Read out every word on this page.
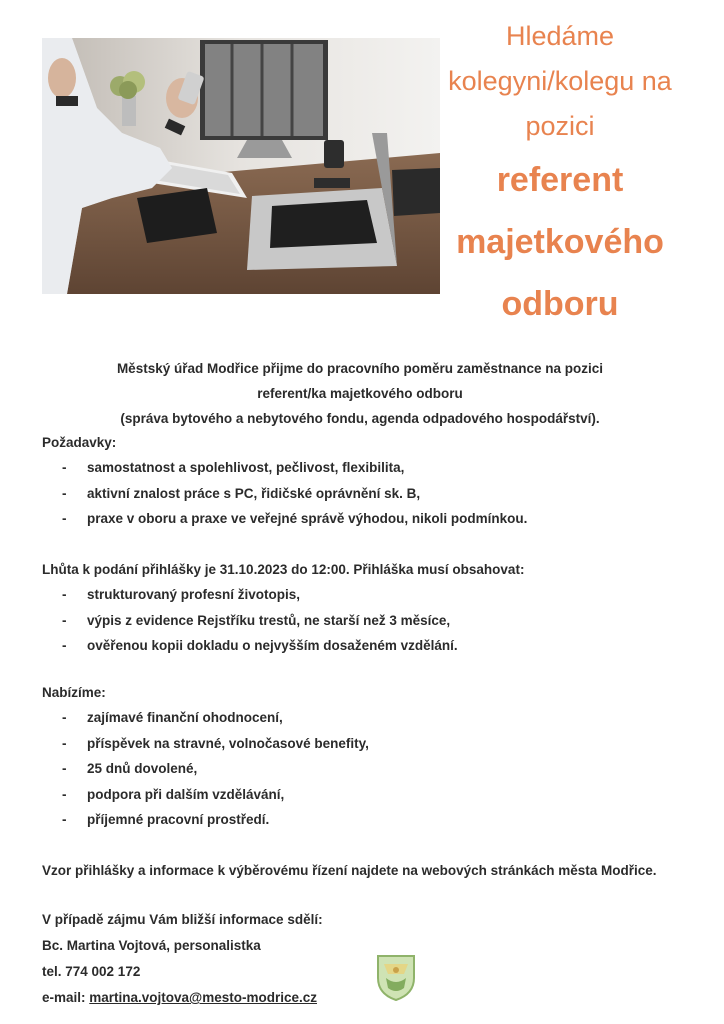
Hledáme
kolegyni/kolegu na
pozici
referent
majetkového
odboru
Městský úřad Modřice přijme do pracovního poměru zaměstnance na pozici
referent/ka majetkového odboru
(správa bytového a nebytového fondu, agenda odpadového hospodářství).
Požadavky:
- samostatnost a spolehlivost, pečlivost, flexibilita,
- aktivní znalost práce s PC, řidičské oprávnění sk. B,
- praxe v oboru a praxe ve veřejné správě výhodou, nikoli podmínkou.
Lhůta k podání přihlášky je 31.10.2023 do 12:00. Přihláška musí obsahovat:
- strukturovaný profesní životopis,
- výpis z evidence Rejstříku trestů, ne starší než 3 měsíce,
- ověřenou kopii dokladu o nejvyšším dosaženém vzdělání.
Nabízíme:
- zajímavé finanční ohodnocení,
- příspěvek na stravné, volnočasové benefity,
- 25 dnů dovolené,
- podpora při dalším vzdělávání,
- příjemné pracovní prostředí.
Vzor přihlášky a informace k výběrovému řízení najdete na webových stránkách města Modřice.
V případě zájmu Vám bližší informace sdělí:
Bc. Martina Vojtová, personalistka
tel. 774 002 172
e-mail: martina.vojtova@mesto-modrice.cz
